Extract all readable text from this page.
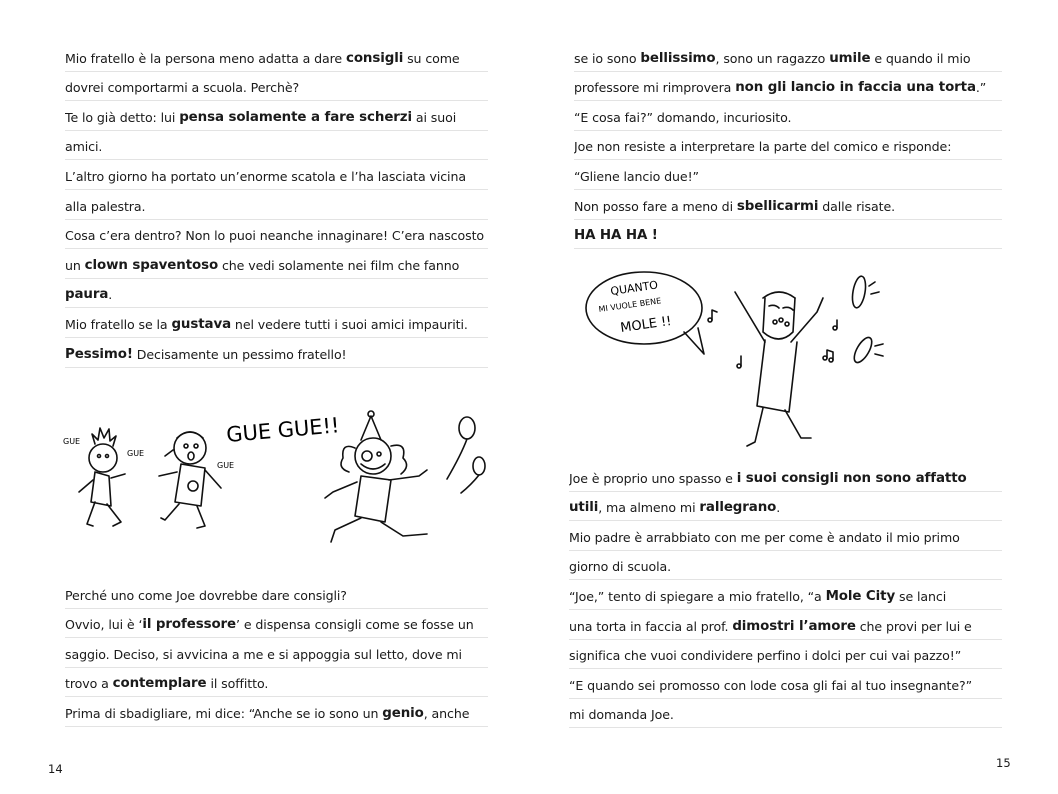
Mio fratello è la persona meno adatta a dare consigli su come
dovrei comportarmi a scuola. Perchè?
Te lo già detto: lui pensa solamente a fare scherzi ai suoi
amici.
L’altro giorno ha portato un’enorme scatola e l’ha lasciata vicina
alla palestra.
Cosa c’era dentro? Non lo puoi neanche innaginare! C’era nascosto
un clown spaventoso che vedi solamente nei film che fanno
paura .
Mio fratello se la gustava nel vedere tutti i suoi amici impauriti.
Pessimo! Decisamente un pessimo fratello!
GUE
GUE
GUE
GUE GUE!!
Perché uno come Joe dovrebbe dare consigli?
Ovvio, lui è ‘ il professore ’ e dispensa consigli come se fosse un
saggio. Deciso, si avvicina a me e si appoggia sul letto, dove mi
trovo a contemplare il soffitto.
Prima di sbadigliare, mi dice: “Anche se io sono un genio , anche
14
se io sono bellissimo , sono un ragazzo umile e quando il mio
professore mi rimprovera non gli lancio in faccia una torta .”
“E cosa fai?” domando, incuriosito.
Joe non resiste a interpretare la parte del comico e risponde:
“Gliene lancio due!”
Non posso fare a meno di sbellicarmi dalle risate.
HA HA HA !
QUANTO
MI VUOLE BENE
MOLE !!
Joe è proprio uno spasso e i suoi consigli non sono affatto
utili , ma almeno mi rallegrano .
Mio padre è arrabbiato con me per come è andato il mio primo
giorno di scuola.
“Joe,” tento di spiegare a mio fratello, “a Mole City se lanci
una torta in faccia al prof. dimostri l’amore che provi per lui e
significa che vuoi condividere perfino i dolci per cui vai pazzo!”
“E quando sei promosso con lode cosa gli fai al tuo insegnante?”
mi domanda Joe.
15
